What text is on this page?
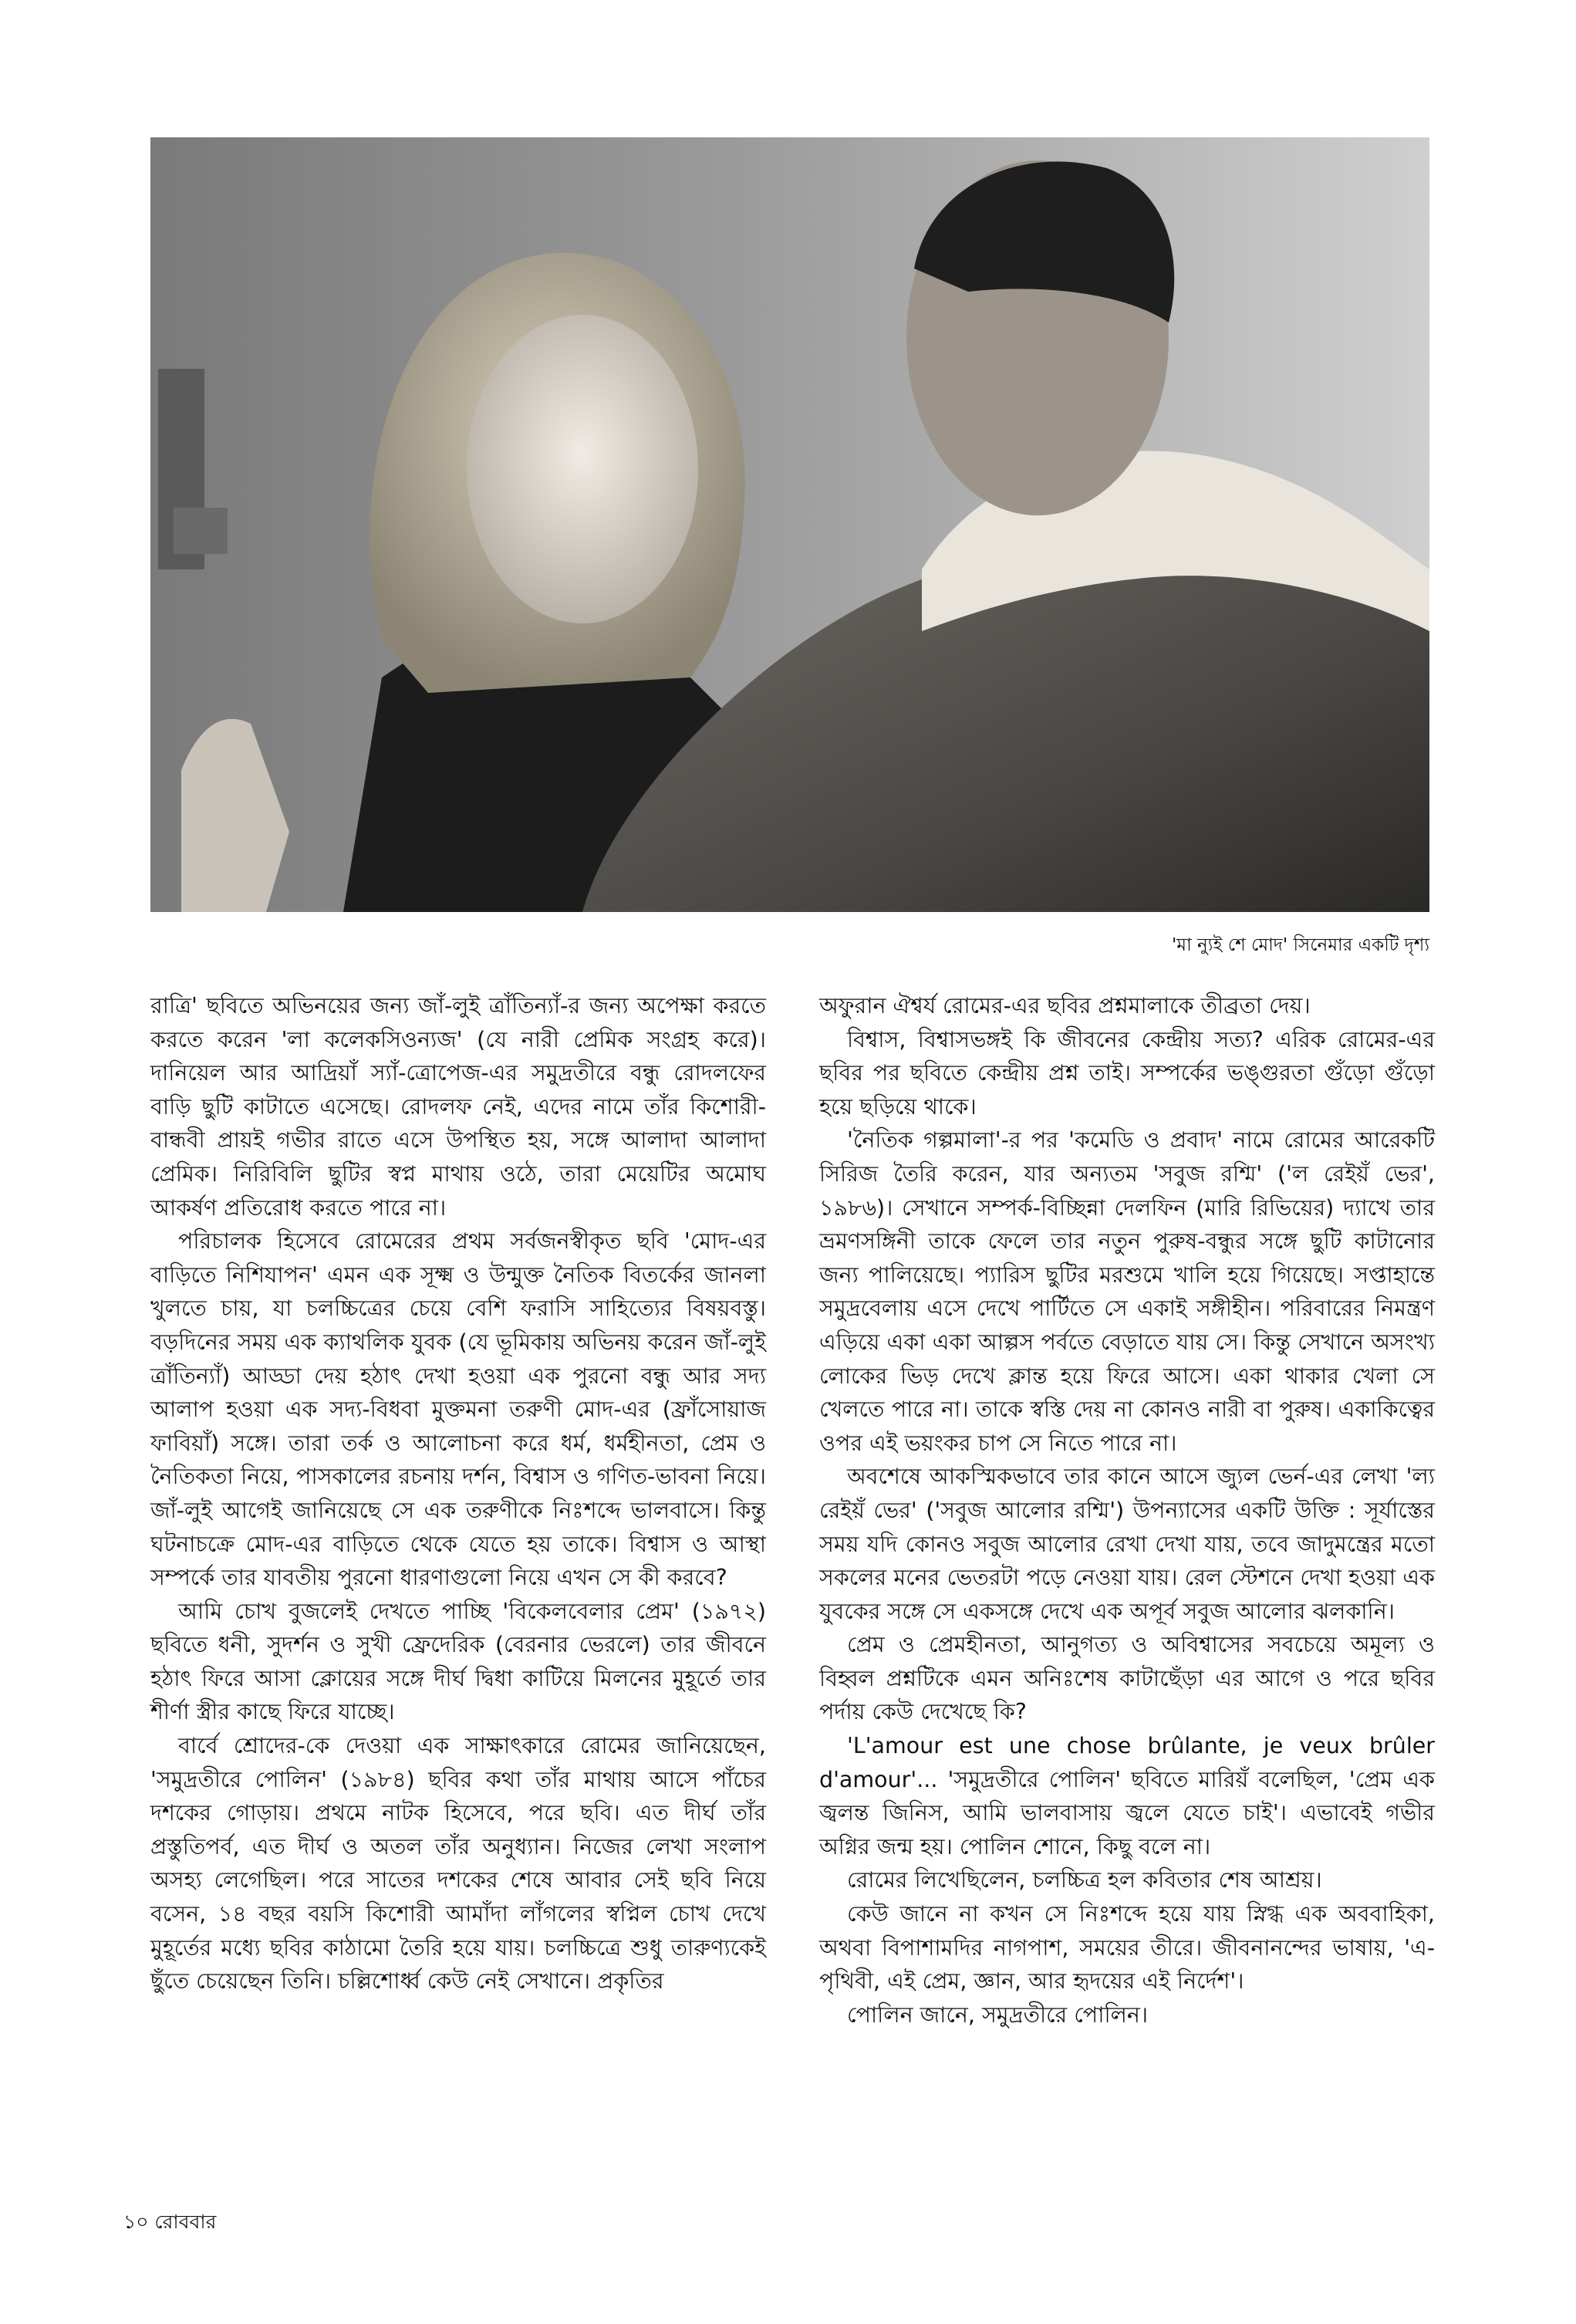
'মা ন্যুই শে মোদ' সিনেমার একটি দৃশ্য

রাত্রি' ছবিতে অভিনয়ের জন্য জাঁ-লুই ত্রাঁতিন্যাঁ-র জন্য অপেক্ষা করতে করতে করেন 'লা কলেকসিওন্যজ' (যে নারী প্রেমিক সংগ্রহ করে)। দানিয়েল আর আদ্রিয়াঁ স্যাঁ-ত্রোপেজ-এর সমুদ্রতীরে বন্ধু রোদলফের বাড়ি ছুটি কাটাতে এসেছে। রোদলফ নেই, এদের নামে তাঁর কিশোরী-বান্ধবী প্রায়ই গভীর রাতে এসে উপস্থিত হয়, সঙ্গে আলাদা আলাদা প্রেমিক। নিরিবিলি ছুটির স্বপ্ন মাথায় ওঠে, তারা মেয়েটির অমোঘ আকর্ষণ প্রতিরোধ করতে পারে না।

পরিচালক হিসেবে রোমেরের প্রথম সর্বজনস্বীকৃত ছবি 'মোদ-এর বাড়িতে নিশিযাপন' এমন এক সূক্ষ্ম ও উন্মুক্ত নৈতিক বিতর্কের জানলা খুলতে চায়, যা চলচ্চিত্রের চেয়ে বেশি ফরাসি সাহিত্যের বিষয়বস্তু। বড়দিনের সময় এক ক্যাথলিক যুবক (যে ভূমিকায় অভিনয় করেন জাঁ-লুই ত্রাঁতিন্যাঁ) আড্ডা দেয় হঠাৎ দেখা হওয়া এক পুরনো বন্ধু আর সদ্য আলাপ হওয়া এক সদ্য-বিধবা মুক্তমনা তরুণী মোদ-এর (ফ্রাঁসোয়াজ ফাবিয়াঁ) সঙ্গে। তারা তর্ক ও আলোচনা করে ধর্ম, ধর্মহীনতা, প্রেম ও নৈতিকতা নিয়ে, পাসকালের রচনায় দর্শন, বিশ্বাস ও গণিত-ভাবনা নিয়ে। জাঁ-লুই আগেই জানিয়েছে সে এক তরুণীকে নিঃশব্দে ভালবাসে। কিন্তু ঘটনাচক্রে মোদ-এর বাড়িতে থেকে যেতে হয় তাকে। বিশ্বাস ও আস্থা সম্পর্কে তার যাবতীয় পুরনো ধারণাগুলো নিয়ে এখন সে কী করবে?

আমি চোখ বুজলেই দেখতে পাচ্ছি 'বিকেলবেলার প্রেম' (১৯৭২) ছবিতে ধনী, সুদর্শন ও সুখী ফ্রেদেরিক (বেরনার ভেরলে) তার জীবনে হঠাৎ ফিরে আসা ক্লোয়ের সঙ্গে দীর্ঘ দ্বিধা কাটিয়ে মিলনের মুহূর্তে তার শীর্ণা স্ত্রীর কাছে ফিরে যাচ্ছে।

বার্বে শ্রোদের-কে দেওয়া এক সাক্ষাৎকারে রোমের জানিয়েছেন, 'সমুদ্রতীরে পোলিন' (১৯৮৪) ছবির কথা তাঁর মাথায় আসে পাঁচের দশকের গোড়ায়। প্রথমে নাটক হিসেবে, পরে ছবি। এত দীর্ঘ তাঁর প্রস্তুতিপর্ব, এত দীর্ঘ ও অতল তাঁর অনুধ্যান। নিজের লেখা সংলাপ অসহ্য লেগেছিল। পরে সাতের দশকের শেষে আবার সেই ছবি নিয়ে বসেন, ১৪ বছর বয়সি কিশোরী আমাঁদা লাঁগলের স্বপ্নিল চোখ দেখে মুহূর্তের মধ্যে ছবির কাঠামো তৈরি হয়ে যায়। চলচ্চিত্রে শুধু তারুণ্যকেই ছুঁতে চেয়েছেন তিনি। চল্লিশোর্ধ্ব কেউ নেই সেখানে। প্রকৃতির

অফুরান ঐশ্বর্য রোমের-এর ছবির প্রশ্নমালাকে তীব্রতা দেয়।

বিশ্বাস, বিশ্বাসভঙ্গই কি জীবনের কেন্দ্রীয় সত্য? এরিক রোমের-এর ছবির পর ছবিতে কেন্দ্রীয় প্রশ্ন তাই। সম্পর্কের ভঙ্গুরতা গুঁড়ো গুঁড়ো হয়ে ছড়িয়ে থাকে।

'নৈতিক গল্পমালা'-র পর 'কমেডি ও প্রবাদ' নামে রোমের আরেকটি সিরিজ তৈরি করেন, যার অন্যতম 'সবুজ রশ্মি' ('ল রেইয়ঁ ভের', ১৯৮৬)। সেখানে সম্পর্ক-বিচ্ছিন্না দেলফিন (মারি রিভিয়ের) দ্যাখে তার ভ্রমণসঙ্গিনী তাকে ফেলে তার নতুন পুরুষ-বন্ধুর সঙ্গে ছুটি কাটানোর জন্য পালিয়েছে। প্যারিস ছুটির মরশুমে খালি হয়ে গিয়েছে। সপ্তাহান্তে সমুদ্রবেলায় এসে দেখে পার্টিতে সে একাই সঙ্গীহীন। পরিবারের নিমন্ত্রণ এড়িয়ে একা একা আল্পস পর্বতে বেড়াতে যায় সে। কিন্তু সেখানে অসংখ্য লোকের ভিড় দেখে ক্লান্ত হয়ে ফিরে আসে। একা থাকার খেলা সে খেলতে পারে না। তাকে স্বস্তি দেয় না কোনও নারী বা পুরুষ। একাকিত্বের ওপর এই ভয়ংকর চাপ সে নিতে পারে না।

অবশেষে আকস্মিকভাবে তার কানে আসে জ্যুল ভের্ন-এর লেখা 'ল্য রেইয়ঁ ভের' ('সবুজ আলোর রশ্মি') উপন্যাসের একটি উক্তি : সূর্যাস্তের সময় যদি কোনও সবুজ আলোর রেখা দেখা যায়, তবে জাদুমন্ত্রের মতো সকলের মনের ভেতরটা পড়ে নেওয়া যায়। রেল স্টেশনে দেখা হওয়া এক যুবকের সঙ্গে সে একসঙ্গে দেখে এক অপূর্ব সবুজ আলোর ঝলকানি।

প্রেম ও প্রেমহীনতা, আনুগত্য ও অবিশ্বাসের সবচেয়ে অমূল্য ও বিহ্বল প্রশ্নটিকে এমন অনিঃশেষ কাটাছেঁড়া এর আগে ও পরে ছবির পর্দায় কেউ দেখেছে কি?

'L'amour est une chose brûlante, je veux brûler d'amour'... 'সমুদ্রতীরে পোলিন' ছবিতে মারিয়ঁ বলেছিল, 'প্রেম এক জ্বলন্ত জিনিস, আমি ভালবাসায় জ্বলে যেতে চাই'। এভাবেই গভীর অগ্নির জন্ম হয়। পোলিন শোনে, কিছু বলে না।

রোমের লিখেছিলেন, চলচ্চিত্র হল কবিতার শেষ আশ্রয়।

কেউ জানে না কখন সে নিঃশব্দে হয়ে যায় স্নিগ্ধ এক অববাহিকা, অথবা বিপাশামদির নাগপাশ, সময়ের তীরে। জীবনানন্দের ভাষায়, 'এ-পৃথিবী, এই প্রেম, জ্ঞান, আর হৃদয়ের এই নির্দেশ'।

পোলিন জানে, সমুদ্রতীরে পোলিন।

১০ রোববার
